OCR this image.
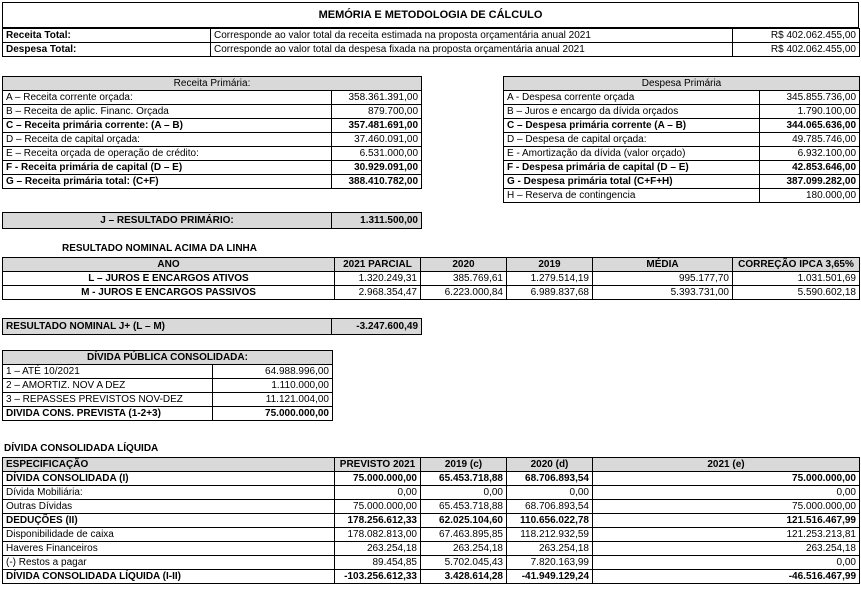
MEMÓRIA E METODOLOGIA DE CÁLCULO
Receita Total:	Corresponde ao valor total da receita estimada na proposta orçamentária anual 2021	R$ 402.062.455,00
Despesa Total:	Corresponde ao valor total da despesa fixada na proposta orçamentária anual 2021	R$ 402.062.455,00
Receita Primária:	
A – Receita corrente orçada:	358.361.391,00
B – Receita de aplic. Financ. Orçada	879.700,00
C – Receita primária corrente: (A – B)	357.481.691,00
D – Receita de capital orçada:	37.460.091,00
E – Receita orçada de operação de crédito:	6.531.000,00
F - Receita primária de capital (D – E)	30.929.091,00
G – Receita primária total: (C+F)	388.410.782,00
Despesa Primária	
A - Despesa corrente orçada	345.855.736,00
B – Juros e encargo da dívida orçados	1.790.100,00
C – Despesa primária corrente (A – B)	344.065.636,00
D – Despesa de capital orçada:	49.785.746,00
E - Amortização da dívida (valor orçado)	6.932.100,00
F - Despesa primária de capital (D – E)	42.853.646,00
G - Despesa primária total (C+F+H)	387.099.282,00
H – Reserva de contingencia	180.000,00
J – RESULTADO PRIMÁRIO:	1.311.500,00
RESULTADO NOMINAL ACIMA DA LINHA
ANO	2021 PARCIAL	2020	2019	MÉDIA	CORREÇÃO IPCA 3,65%
L – JUROS E ENCARGOS ATIVOS	1.320.249,31	385.769,61	1.279.514,19	995.177,70	1.031.501,69
M - JUROS E ENCARGOS PASSIVOS	2.968.354,47	6.223.000,84	6.989.837,68	5.393.731,00	5.590.602,18
RESULTADO NOMINAL J+ (L – M)	-3.247.600,49
DÍVIDA PÚBLICA CONSOLIDADA:	
1 – ATÉ 10/2021	64.988.996,00
2 – AMORTIZ. NOV A DEZ	1.110.000,00
3 – REPASSES PREVISTOS NOV-DEZ	11.121.004,00
DIVIDA CONS. PREVISTA (1-2+3)	75.000.000,00
DÍVIDA CONSOLIDADA LÍQUIDA
ESPECIFICAÇÃO	PREVISTO 2021	2019 (c)	2020 (d)	2021 (e)
DÍVIDA CONSOLIDADA (I)	75.000.000,00	65.453.718,88	68.706.893,54	75.000.000,00
Dívida Mobiliária:	0,00	0,00	0,00	0,00
Outras Dívidas	75.000.000,00	65.453.718,88	68.706.893,54	75.000.000,00
DEDUÇÕES (II)	178.256.612,33	62.025.104,60	110.656.022,78	121.516.467,99
Disponibilidade de caixa	178.082.813,00	67.463.895,85	118.212.932,59	121.253.213,81
Haveres Financeiros	263.254,18	263.254,18	263.254,18	263.254,18
(-) Restos a pagar	89.454,85	5.702.045,43	7.820.163,99	0,00
DÍVIDA CONSOLIDADA LÍQUIDA (I-II)	-103.256.612,33	3.428.614,28	-41.949.129,24	-46.516.467,99
